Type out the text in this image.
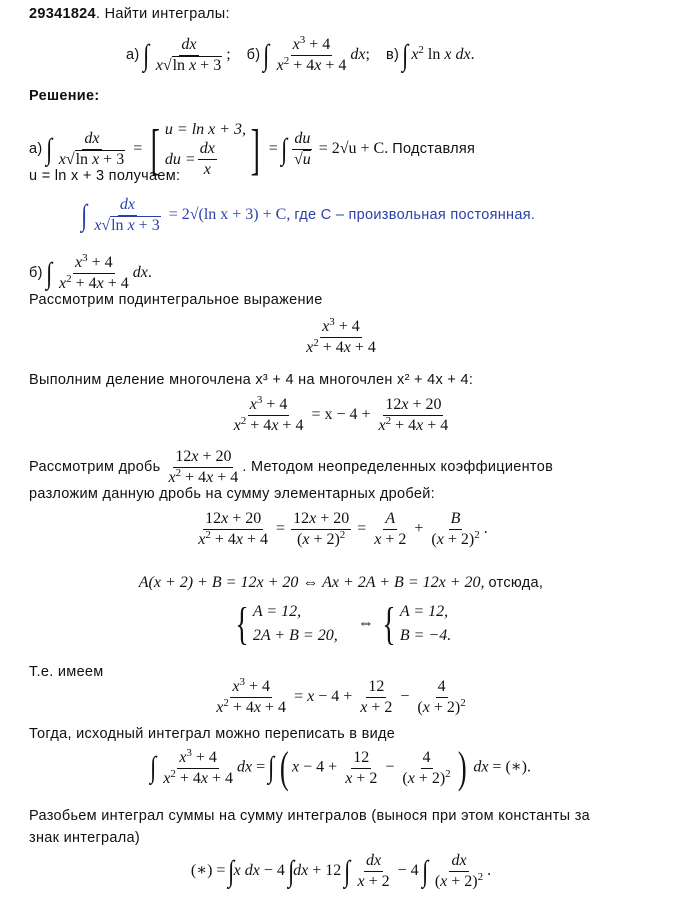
29341824. Найти интегралы:
а) ∫ $\frac{dx}{\text{x√ln x + 3}}$ ; б) ∫ $\frac{x^3 + 4}{x^2 + 4x + 4}$ dx; в) ∫ $x^2$ ln x dx.
Решение:
а) ∫ $\frac{dx}{\text{x√ln x + 3}}$ = [ u = ln x + 3,
du = $\frac{dx}{x}$ ] = ∫ $\frac{du}{√u} = 2√u + C$. Подставляя
u = ln x + 3 получаем:
∫ $\frac{dx}{\text{x√ln x + 3}} = 2√(\ln$ x + 3) + C, где C – произвольная постоянная.
б) ∫ $\frac{x^3 + 4}{x^2 + 4x + 4}$ dx.
Рассмотрим подинтегральное выражение
$\frac{x^3 + 4}{x^2 + 4x + 4}$
Выполним деление многочлена x³ + 4 на многочлен x² + 4x + 4:
$\frac{x^3 + 4}{x^2 + 4x + 4} = x - 4 + \frac{12x + 20}{x^2 + 4x + 4}$
Рассмотрим дробь $\frac{12x + 20}{x^2 + 4x + 4}$ . Методом неопределенных коэффициентов
разложим данную дробь на сумму элементарных дробей:
$\frac{12x + 20}{x^2 + 4x + 4} = \frac{12x + 20}{(x + 2)^2} = \frac{A}{x + 2} + \frac{B}{(x + 2)^2}$ .
A(x + 2) + B = 12x + 20 ⇔ Ax + 2A + B = 12x + 20, отсюда,
{ A = 12,
2A + B = 20,
⇔ { A = 12,
B = −4.
Т.е. имеем
$\frac{x^3 + 4}{x^2 + 4x + 4} = x - 4 + \frac{12}{x + 2} - \frac{4}{(x + 2)^2}$
Тогда, исходный интеграл можно переписать в виде
∫ $\frac{x^3 + 4}{x^2 + 4x + 4}$ dx = ∫ ( $x - 4 + \frac{12}{x + 2} - \frac{4}{(x + 2)^2}$ ) dx = (∗).
Разобьем интеграл суммы на сумму интегралов (вынося при этом константы за
знак интеграла)
(∗) = ∫x dx − 4 ∫dx + 12 ∫ $\frac{dx}{x + 2} - 4$ ∫ $\frac{dx}{(x + 2)^2}$ .
